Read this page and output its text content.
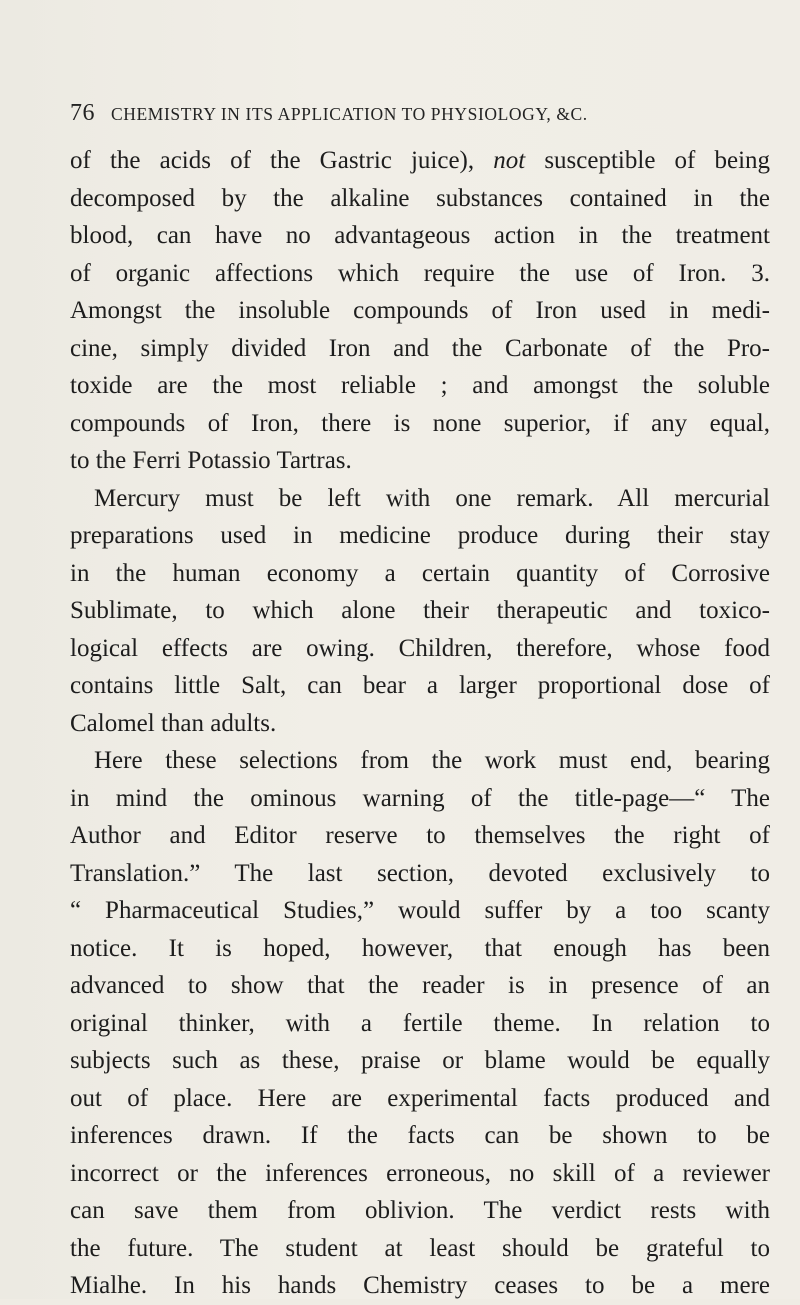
76 CHEMISTRY IN ITS APPLICATION TO PHYSIOLOGY, &C.
of the acids of the Gastric juice), not susceptible of being
decomposed by the alkaline substances contained in the
blood, can have no advantageous action in the treatment
of organic affections which require the use of Iron. 3.
Amongst the insoluble compounds of Iron used in medi-
cine, simply divided Iron and the Carbonate of the Pro-
toxide are the most reliable ; and amongst the soluble
compounds of Iron, there is none superior, if any equal,
to the Ferri Potassio Tartras.
Mercury must be left with one remark. All mercurial
preparations used in medicine produce during their stay
in the human economy a certain quantity of Corrosive
Sublimate, to which alone their therapeutic and toxico-
logical effects are owing. Children, therefore, whose food
contains little Salt, can bear a larger proportional dose of
Calomel than adults.
Here these selections from the work must end, bearing
in mind the ominous warning of the title-page—“ The
Author and Editor reserve to themselves the right of
Translation.” The last section, devoted exclusively to
“ Pharmaceutical Studies,” would suffer by a too scanty
notice. It is hoped, however, that enough has been
advanced to show that the reader is in presence of an
original thinker, with a fertile theme. In relation to
subjects such as these, praise or blame would be equally
out of place. Here are experimental facts produced and
inferences drawn. If the facts can be shown to be
incorrect or the inferences erroneous, no skill of a reviewer
can save them from oblivion. The verdict rests with
the future. The student at least should be grateful to
Mialhe. In his hands Chemistry ceases to be a mere
